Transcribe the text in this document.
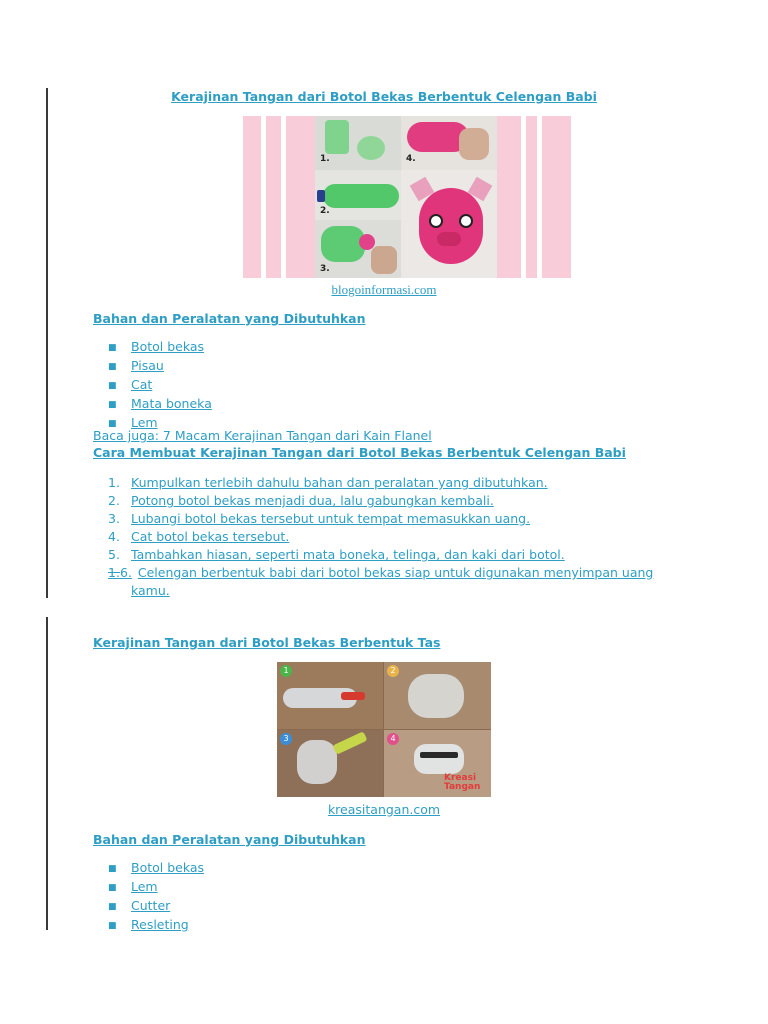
Kerajinan Tangan dari Botol Bekas Berbentuk Celengan Babi
1.
2.
3.
4.
blogoinformasi.com
Bahan dan Peralatan yang Dibutuhkan
■ Botol bekas
■ Pisau
■ Cat
■ Mata boneka
■ Lem
Baca juga: 7 Macam Kerajinan Tangan dari Kain Flanel
Cara Membuat Kerajinan Tangan dari Botol Bekas Berbentuk Celengan Babi
1. Kumpulkan terlebih dahulu bahan dan peralatan yang dibutuhkan.
2. Potong botol bekas menjadi dua, lalu gabungkan kembali.
3. Lubangi botol bekas tersebut untuk tempat memasukkan uang.
4. Cat botol bekas tersebut.
5. Tambahkan hiasan, seperti mata boneka, telinga, dan kaki dari botol.
1.6. Celengan berbentuk babi dari botol bekas siap untuk digunakan menyimpan uang
kamu.
Kerajinan Tangan dari Botol Bekas Berbentuk Tas
1	2
3	4
Kreasi
Tangan
kreasitangan.com
Bahan dan Peralatan yang Dibutuhkan
■ Botol bekas
■ Lem
■ Cutter
■ Resleting
